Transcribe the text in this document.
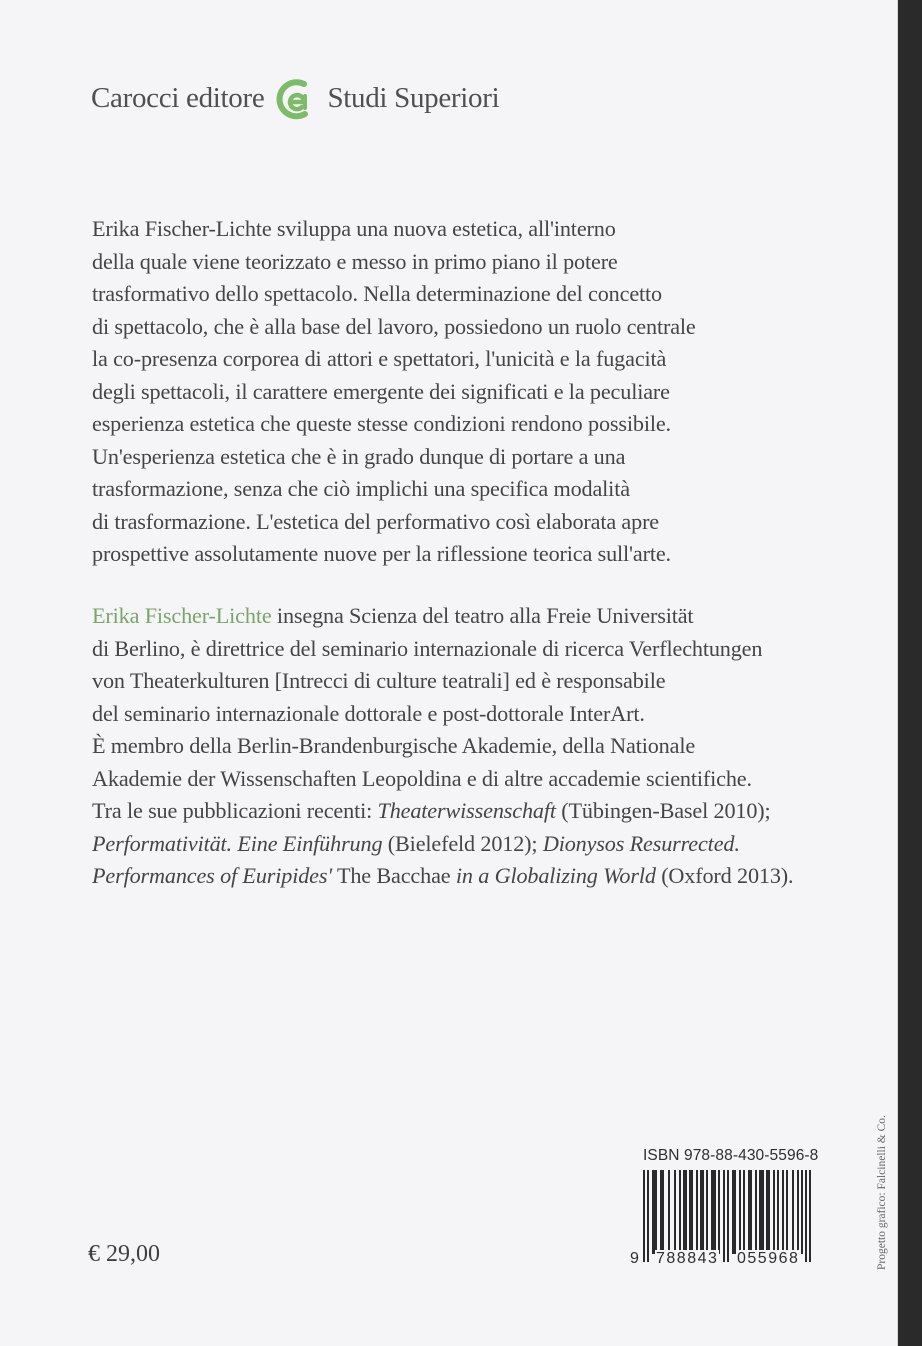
Carocci editore Studi Superiori
Erika Fischer-Lichte sviluppa una nuova estetica, all'interno
della quale viene teorizzato e messo in primo piano il potere
trasformativo dello spettacolo. Nella determinazione del concetto
di spettacolo, che è alla base del lavoro, possiedono un ruolo centrale
la co-presenza corporea di attori e spettatori, l'unicità e la fugacità
degli spettacoli, il carattere emergente dei significati e la peculiare
esperienza estetica che queste stesse condizioni rendono possibile.
Un'esperienza estetica che è in grado dunque di portare a una
trasformazione, senza che ciò implichi una specifica modalità
di trasformazione. L'estetica del performativo così elaborata apre
prospettive assolutamente nuove per la riflessione teorica sull'arte.
Erika Fischer-Lichte insegna Scienza del teatro alla Freie Universität
di Berlino, è direttrice del seminario internazionale di ricerca Verflechtungen
von Theaterkulturen [Intrecci di culture teatrali] ed è responsabile
del seminario internazionale dottorale e post-dottorale InterArt.
È membro della Berlin-Brandenburgische Akademie, della Nationale
Akademie der Wissenschaften Leopoldina e di altre accademie scientifiche.
Tra le sue pubblicazioni recenti: Theaterwissenschaft (Tübingen-Basel 2010);
Performativität. Eine Einführung (Bielefeld 2012); Dionysos Resurrected.
Performances of Euripides' The Bacchae in a Globalizing World (Oxford 2013).
€ 29,00
ISBN 978-88-430-5596-8
9 788843 055968	Progetto grafico: Falcinelli & Co.
